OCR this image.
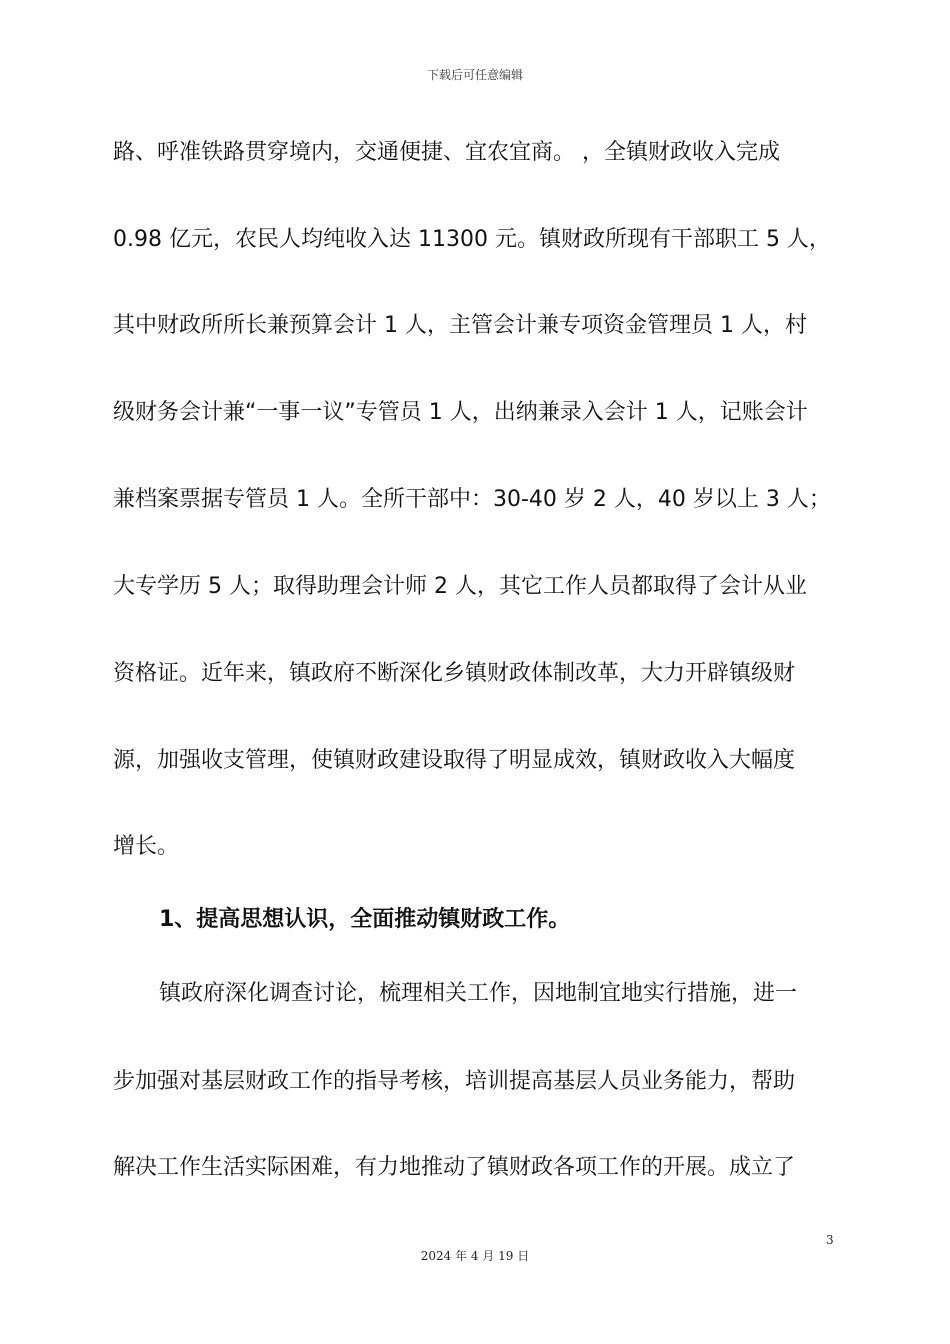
下载后可任意编辑
路、呼准铁路贯穿境内，交通便捷、宜农宜商。 ，全镇财政收入完成
0.98 亿元，农民人均纯收入达 11300 元。镇财政所现有干部职工 5 人，
其中财政所所长兼预算会计 1 人，主管会计兼专项资金管理员 1 人，村
级财务会计兼“一事一议”专管员 1 人，出纳兼录入会计 1 人，记账会计
兼档案票据专管员 1 人。全所干部中：30-40 岁 2 人，40 岁以上 3 人；
大专学历 5 人；取得助理会计师 2 人，其它工作人员都取得了会计从业
资格证。近年来，镇政府不断深化乡镇财政体制改革，大力开辟镇级财
源，加强收支管理，使镇财政建设取得了明显成效，镇财政收入大幅度
增长。
1、提高思想认识，全面推动镇财政工作。
镇政府深化调查讨论，梳理相关工作，因地制宜地实行措施，进一
步加强对基层财政工作的指导考核，培训提高基层人员业务能力，帮助
解决工作生活实际困难，有力地推动了镇财政各项工作的开展。成立了
3
2024 年 4 月 19 日
